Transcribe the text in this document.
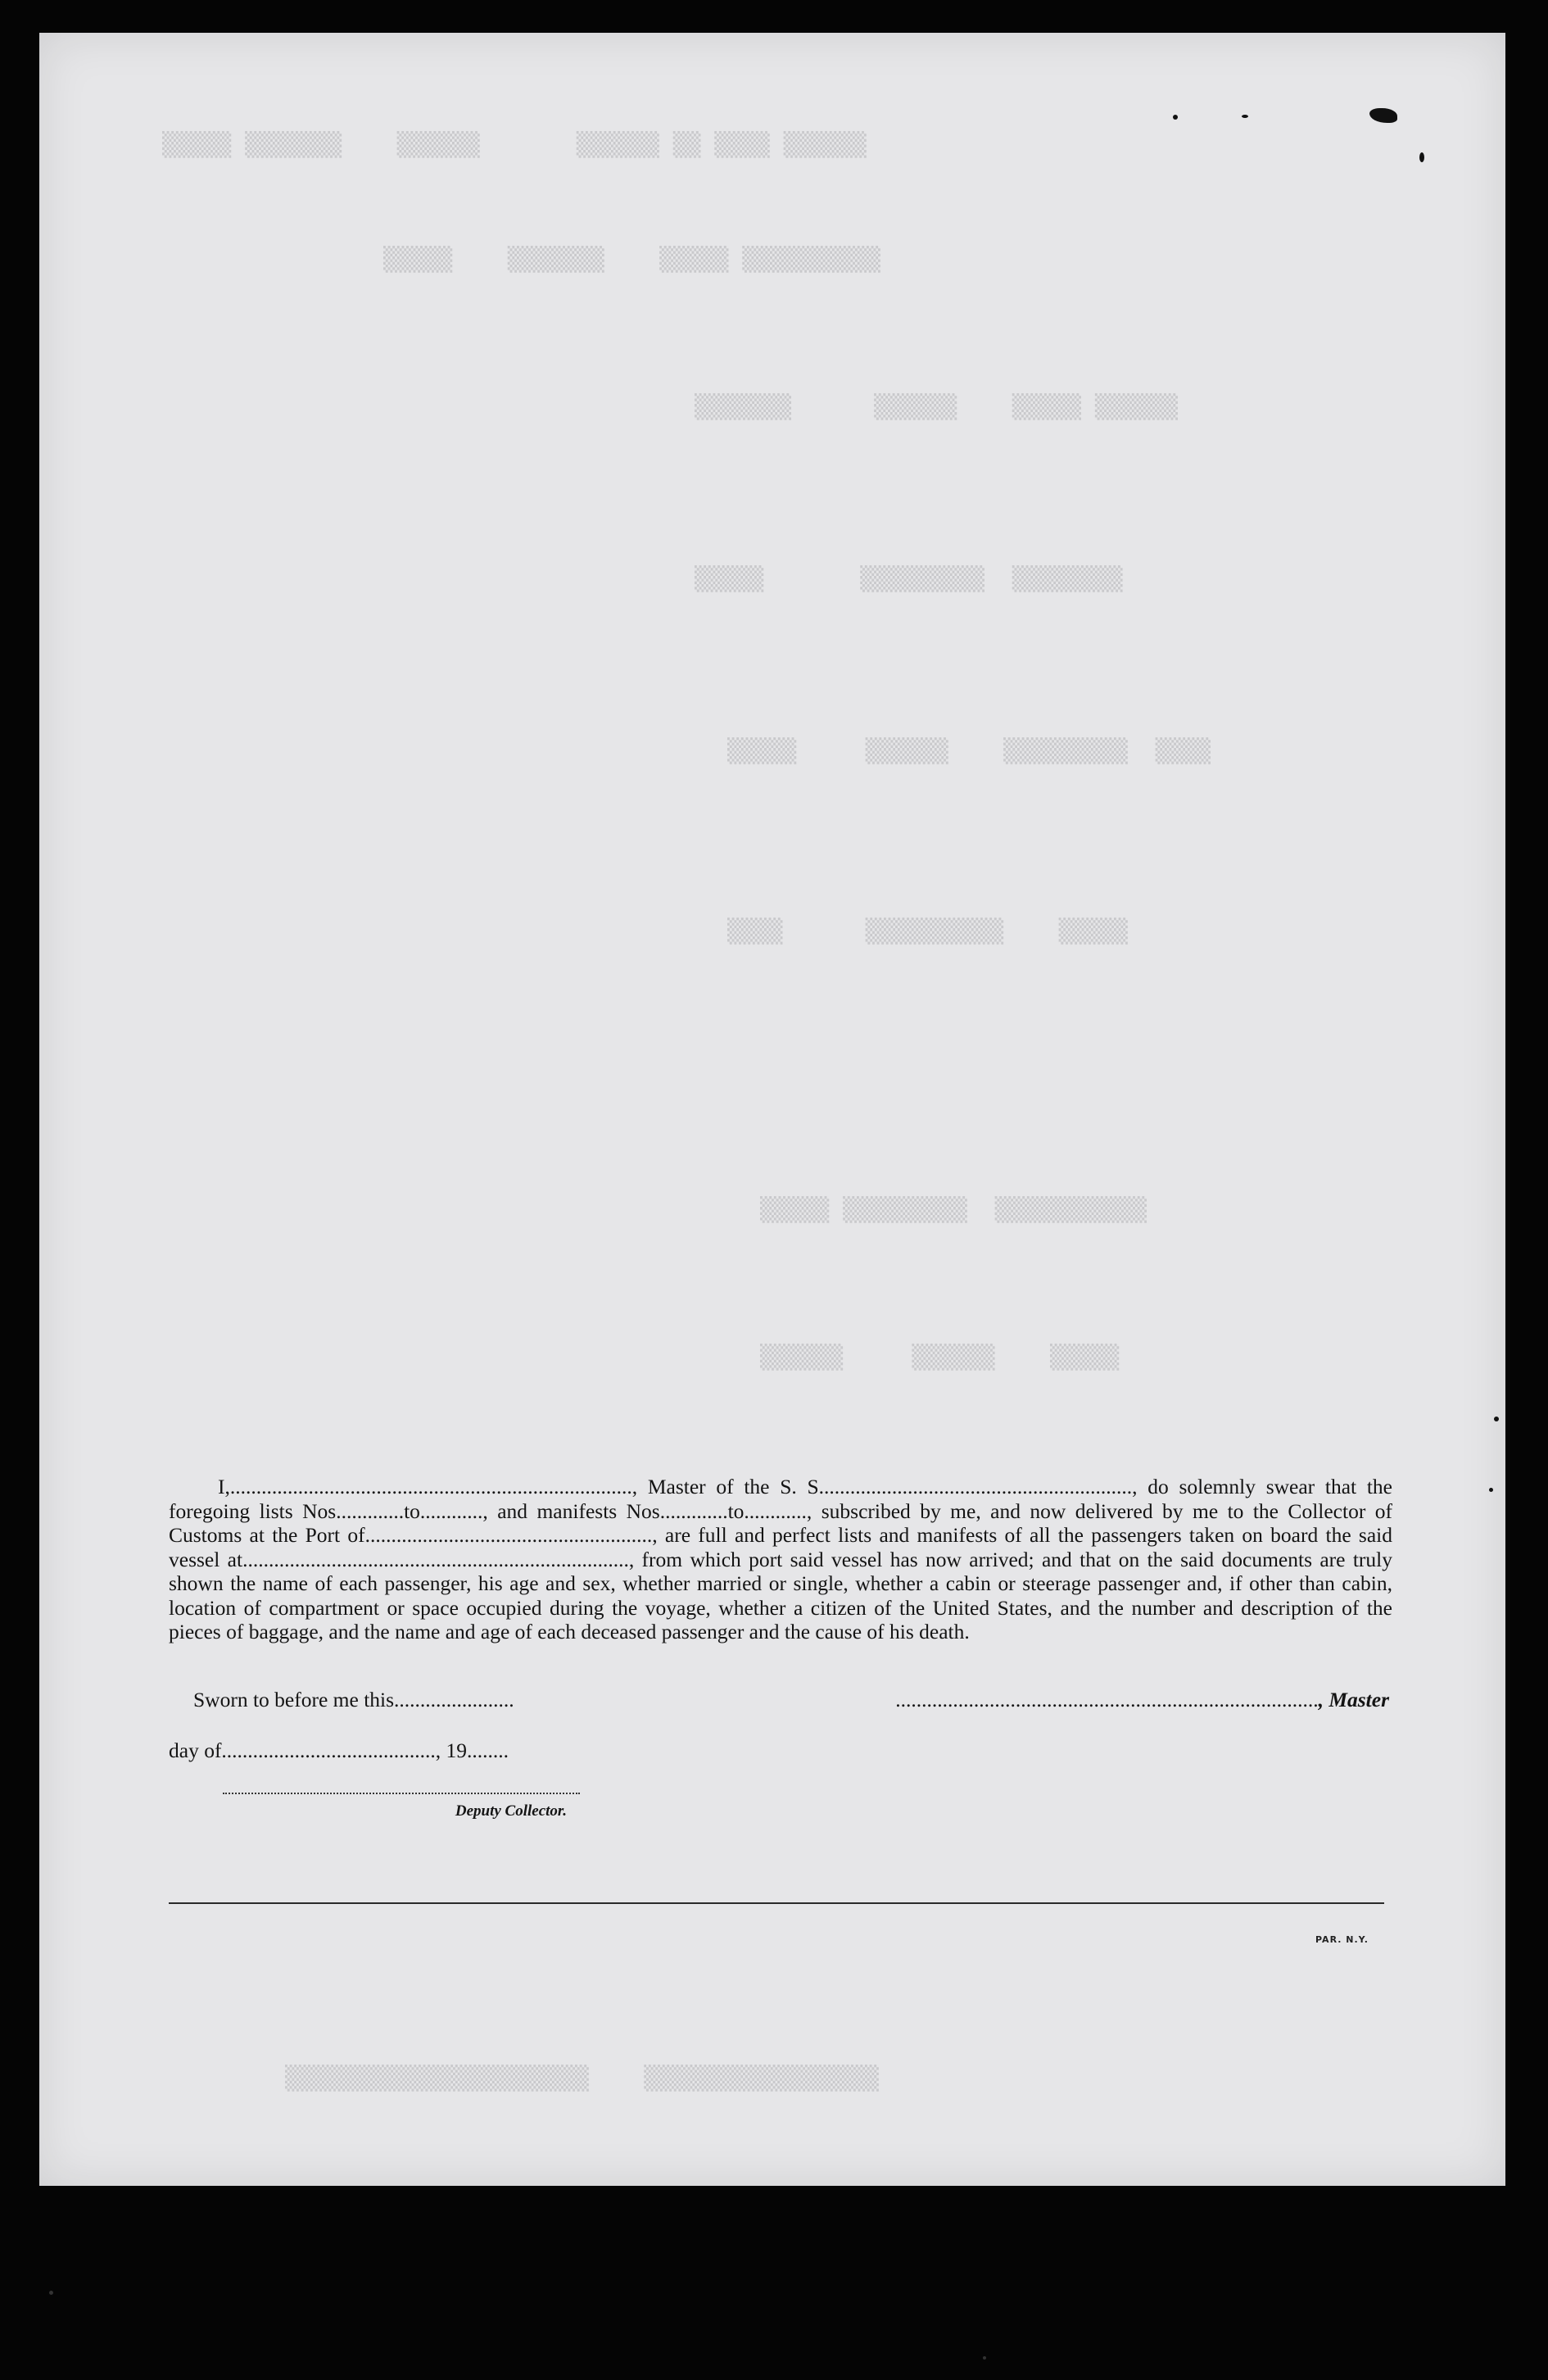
▒▒▒▒▒ ▒▒▒▒▒▒▒    ▒▒▒▒▒▒       ▒▒▒▒▒▒ ▒▒ ▒▒▒▒ ▒▒▒▒▒▒
▒▒▒▒▒    ▒▒▒▒▒▒▒    ▒▒▒▒▒ ▒▒▒▒▒▒▒▒▒▒
▒▒▒▒▒▒▒      ▒▒▒▒▒▒    ▒▒▒▒▒ ▒▒▒▒▒▒
▒▒▒▒▒       ▒▒▒▒▒▒▒▒▒  ▒▒▒▒▒▒▒▒
▒▒▒▒▒     ▒▒▒▒▒▒    ▒▒▒▒▒▒▒▒▒  ▒▒▒▒
▒▒▒▒      ▒▒▒▒▒▒▒▒▒▒    ▒▒▒▒▒
▒▒▒▒▒ ▒▒▒▒▒▒▒▒▒  ▒▒▒▒▒▒▒▒▒▒▒
▒▒▒▒▒▒     ▒▒▒▒▒▒    ▒▒▒▒▒
▒▒▒▒▒▒▒▒▒▒▒▒▒▒▒▒▒▒▒▒▒▒    ▒▒▒▒▒▒▒▒▒▒▒▒▒▒▒▒▒

I,............................................................................., Master of the S. S............................................................, do solemnly swear that the foregoing lists Nos.............to............, and manifests Nos.............to............, subscribed by me, and now delivered by me to the Collector of Customs at the Port of......................................................., are full and perfect lists and manifests of all the passengers taken on board the said vessel at.........................................................................., from which port said vessel has now arrived; and that on the said documents are truly shown the name of each passenger, his age and sex, whether married or single, whether a cabin or steerage passenger and, if other than cabin, location of compartment or space occupied during the voyage, whether a citizen of the United States, and the number and description of the pieces of baggage, and the name and age of each deceased passenger and the cause of his death.

Sworn to before me this.......................	................................................................................., Master
day of........................................., 19........
Deputy Collector.
PAR. N.Y.
